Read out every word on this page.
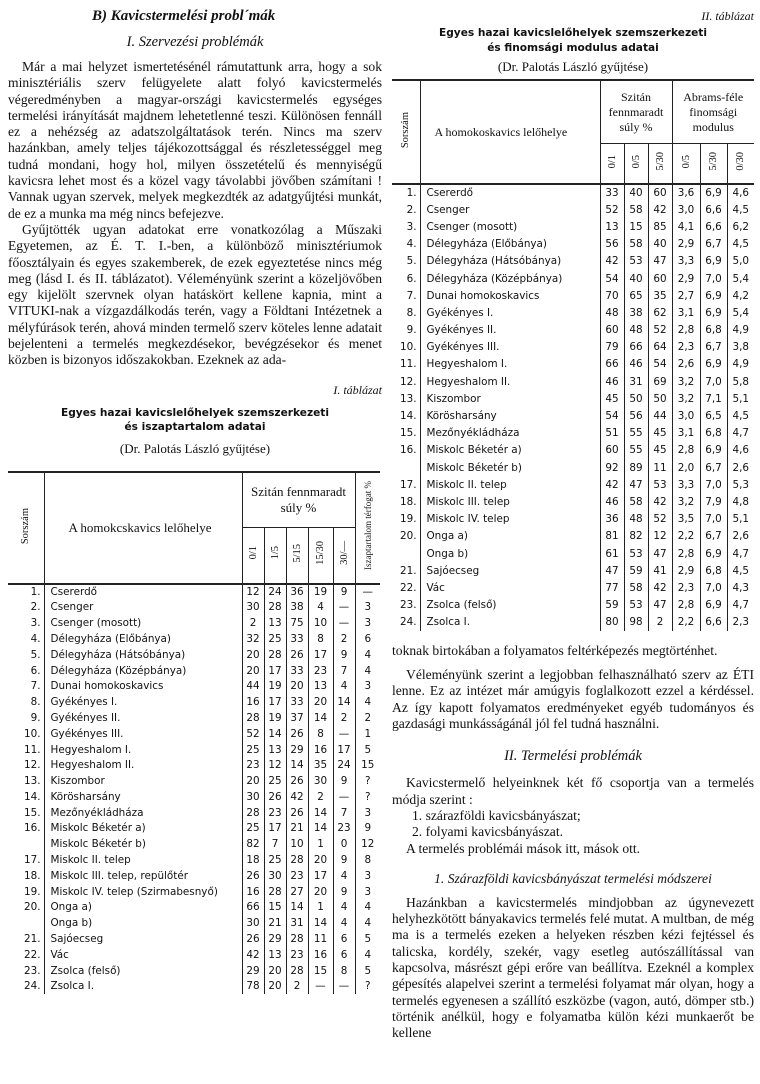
B) Kavicstermelési probl´mák
I. Szervezési problémák

Már a mai helyzet ismertetésénél rámutattunk arra, hogy a sok minisztériális szerv felügyelete alatt folyó kavicstermelés végeredményben a magyar-országi kavicstermelés egységes termelési irányítását majdnem lehetetlenné teszi. Különösen fennáll ez a nehézség az adatszolgáltatások terén. Nincs ma szerv hazánkban, amely teljes tájékozottsággal és részletességgel meg tudná mondani, hogy hol, milyen összetételű és mennyiségű kavicsra lehet most és a közel vagy távolabbi jövőben számítani ! Vannak ugyan szervek, melyek megkezdték az adatgyűjtési munkát, de ez a munka ma még nincs befejezve.

Gyűjtötték ugyan adatokat erre vonatkozólag a Műszaki Egyetemen, az É. T. I.-ben, a különböző minisztériumok főosztályain és egyes szakemberek, de ezek egyeztetése nincs még meg (lásd I. és II. táblázatot). Véleményünk szerint a közeljövőben egy kijelölt szervnek olyan hatáskört kellene kapnia, mint a VITUKI-nak a vízgazdálkodás terén, vagy a Földtani Intézetnek a mélyfúrások terén, ahová minden termelő szerv köteles lenne adatait bejelenteni a termelés megkezdésekor, bevégzésekor és menet közben is bizonyos időszakokban. Ezeknek az ada-

I. táblázat

Egyes hazai kavicslelőhelyek szemszerkezeti

és iszaptartalom adatai

(Dr. Palotás László gyűjtése)

Sorszám	A homokcskavics lelőhelye	Szitán fennmaradt súly %					Iszaptartalom térfogat %
		0/1	1/5	5/15	15/30	30/—	
1.	Csererdő	12	24	36	19	9	—
2.	Csenger	30	28	38	4	—	3
3.	Csenger (mosott)	2	13	75	10	—	3
4.	Délegyháza (Előbánya)	32	25	33	8	2	6
5.	Délegyháza (Hátsóbánya)	20	28	26	17	9	4
6.	Délegyháza (Középbánya)	20	17	33	23	7	4
7.	Dunai homokoskavics	44	19	20	13	4	3
8.	Gyékényes I.	16	17	33	20	14	4
9.	Gyékényes II.	28	19	37	14	2	2
10.	Gyékényes III.	52	14	26	8	—	1
11.	Hegyeshalom I.	25	13	29	16	17	5
12.	Hegyeshalom II.	23	12	14	35	24	15
13.	Kiszombor	20	25	26	30	9	?
14.	Körösharsány	30	26	42	2	—	?
15.	Mezőnyékládháza	28	23	26	14	7	3
16.	Miskolc Béketér a)	25	17	21	14	23	9
	Miskolc Béketér b)	82	7	10	1	0	12
17.	Miskolc II. telep	18	25	28	20	9	8
18.	Miskolc III. telep, repülőtér	26	30	23	17	4	3
19.	Miskolc IV. telep (Szirmabesnyő)	16	28	27	20	9	3
20.	Onga a)	66	15	14	1	4	4
	Onga b)	30	21	31	14	4	4
21.	Sajóecseg	26	29	28	11	6	5
22.	Vác	42	13	23	16	6	4
23.	Zsolca (felső)	29	20	28	15	8	5
24.	Zsolca I.	78	20	2	—	—	?

II. táblázat

Egyes hazai kavicslelőhelyek szemszerkezeti

és finomsági modulus adatai

(Dr. Palotás László gyűjtése)

Sorszám	A homokoskavics lelőhelye	Szitán fennmaradt súly %			Abrams-féle finomsági modulus		
		0/1	0/5	5/30	0/5	5/30	0/30
1.	Csererdő	33	40	60	3,6	6,9	4,6
2.	Csenger	52	58	42	3,0	6,6	4,5
3.	Csenger (mosott)	13	15	85	4,1	6,6	6,2
4.	Délegyháza (Előbánya)	56	58	40	2,9	6,7	4,5
5.	Délegyháza (Hátsóbánya)	42	53	47	3,3	6,9	5,0
6.	Délegyháza (Középbánya)	54	40	60	2,9	7,0	5,4
7.	Dunai homokoskavics	70	65	35	2,7	6,9	4,2
8.	Gyékényes I.	48	38	62	3,1	6,9	5,4
9.	Gyékényes II.	60	48	52	2,8	6,8	4,9
10.	Gyékényes III.	79	66	64	2,3	6,7	3,8
11.	Hegyeshalom I.	66	46	54	2,6	6,9	4,9
12.	Hegyeshalom II.	46	31	69	3,2	7,0	5,8
13.	Kiszombor	45	50	50	3,2	7,1	5,1
14.	Körösharsány	54	56	44	3,0	6,5	4,5
15.	Mezőnyékládháza	51	55	45	3,1	6,8	4,7
16.	Miskolc Béketér a)	60	55	45	2,8	6,9	4,6
	Miskolc Béketér b)	92	89	11	2,0	6,7	2,6
17.	Miskolc II. telep	42	47	53	3,3	7,0	5,3
18.	Miskolc III. telep	46	58	42	3,2	7,9	4,8
19.	Miskolc IV. telep	36	48	52	3,5	7,0	5,1
20.	Onga a)	81	82	12	2,2	6,7	2,6
	Onga b)	61	53	47	2,8	6,9	4,7
21.	Sajóecseg	47	59	41	2,9	6,8	4,5
22.	Vác	77	58	42	2,3	7,0	4,3
23.	Zsolca (felső)	59	53	47	2,8	6,9	4,7
24.	Zsolca I.	80	98	2	2,2	6,6	2,3

toknak birtokában a folyamatos feltérképezés megtörténhet.

Véleményünk szerint a legjobban felhasználható szerv az ÉTI lenne. Ez az intézet már amúgyis foglalkozott ezzel a kérdéssel. Az így kapott folyamatos eredményeket egyéb tudományos és gazdasági munkásságánál jól fel tudná használni.

II. Termelési problémák

Kavicstermelő helyeinknek két fő csoportja van a termelés módja szerint :

1. szárazföldi kavicsbányászat;

2. folyami kavicsbányászat.

A termelés problémái mások itt, mások ott.

1. Szárazföldi kavicsbányászat termelési módszerei

Hazánkban a kavicstermelés mindjobban az úgynevezett helyhezkötött bányakavics termelés felé mutat. A multban, de még ma is a termelés ezeken a helyeken részben kézi fejtéssel és talicska, kordély, szekér, vagy esetleg autószállítással van kapcsolva, másrészt gépi erőre van beállítva. Ezeknél a komplex gépesítés alapelvei szerint a termelési folyamat már olyan, hogy a termelés egyenesen a szállító eszközbe (vagon, autó, dömper stb.) történik anélkül, hogy e folyamatba külön kézi munkaerőt be kellene
